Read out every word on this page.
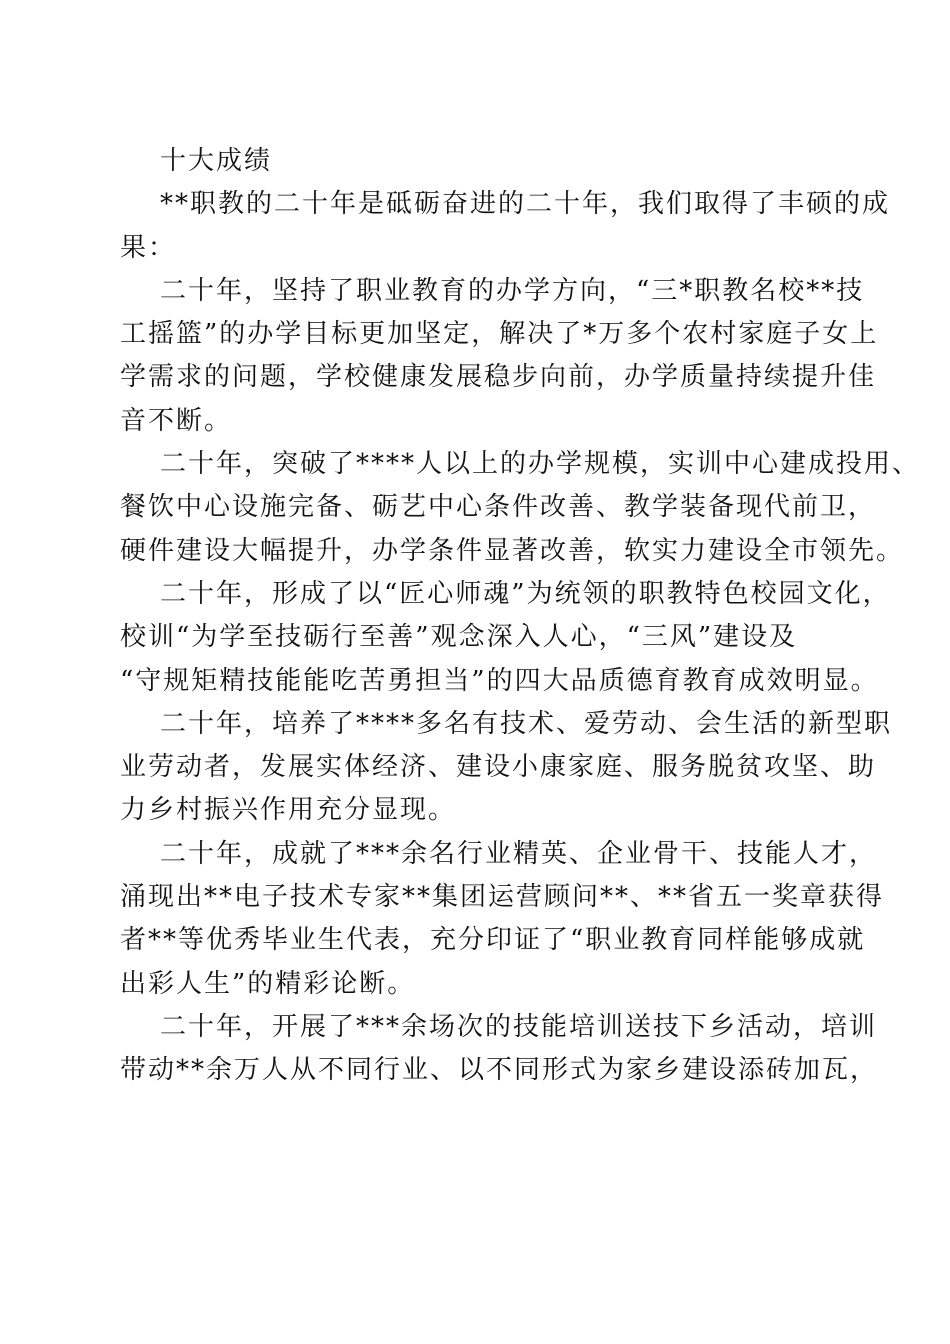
十大成绩
**职教的二十年是砥砺奋进的二十年，我们取得了丰硕的成
果：
二十年，坚持了职业教育的办学方向，“三*职教名校**技
工摇篮”的办学目标更加坚定，解决了*万多个农村家庭子女上
学需求的问题，学校健康发展稳步向前，办学质量持续提升佳
音不断。
二十年，突破了****人以上的办学规模，实训中心建成投用、
餐饮中心设施完备、砺艺中心条件改善、教学装备现代前卫，
硬件建设大幅提升，办学条件显著改善，软实力建设全市领先。
二十年，形成了以“匠心师魂”为统领的职教特色校园文化，
校训“为学至技砺行至善”观念深入人心，“三风”建设及
“守规矩精技能能吃苦勇担当”的四大品质德育教育成效明显。
二十年，培养了****多名有技术、爱劳动、会生活的新型职
业劳动者，发展实体经济、建设小康家庭、服务脱贫攻坚、助
力乡村振兴作用充分显现。
二十年，成就了***余名行业精英、企业骨干、技能人才，
涌现出**电子技术专家**集团运营顾问**、**省五一奖章获得
者**等优秀毕业生代表，充分印证了“职业教育同样能够成就
出彩人生”的精彩论断。
二十年，开展了***余场次的技能培训送技下乡活动，培训
带动**余万人从不同行业、以不同形式为家乡建设添砖加瓦，
